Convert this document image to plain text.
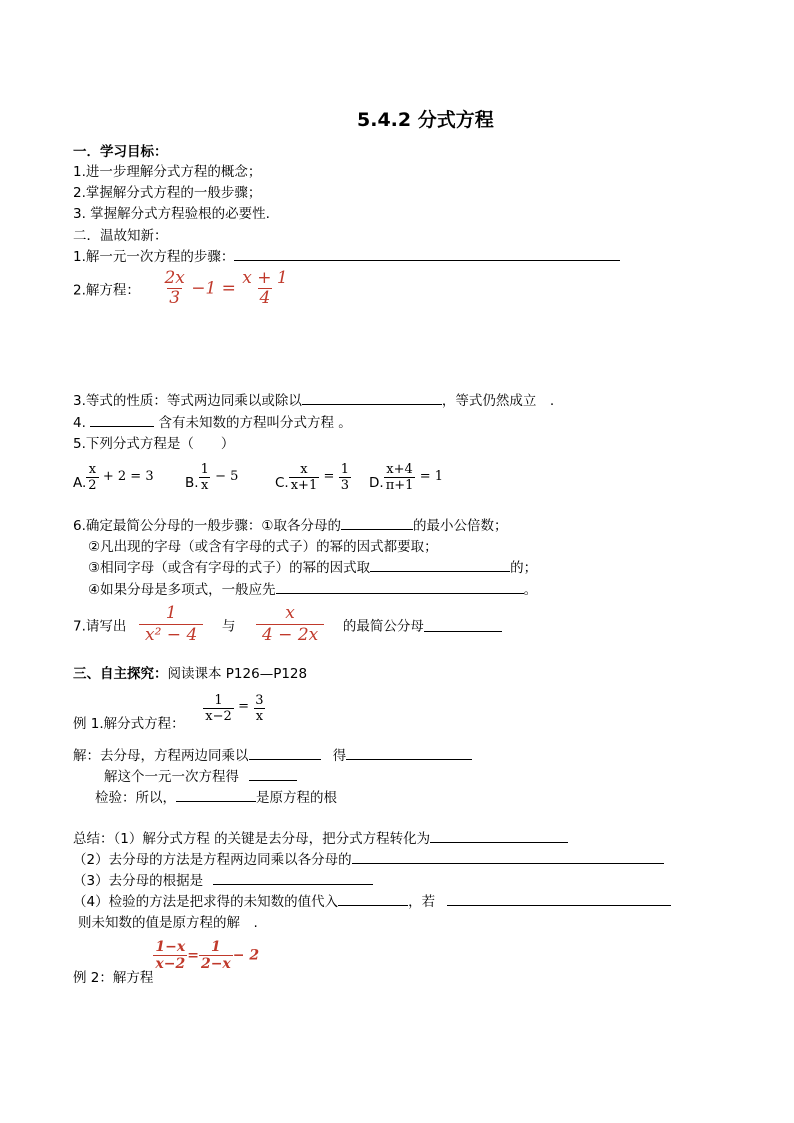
5.4.2 分式方程
一．学习目标：
1.进一步理解分式方程的概念；
2.掌握解分式方程的一般步骤；
3. 掌握解分式方程验根的必要性.
二．温故知新：
1.解一元一次方程的步骤：
2.解方程： $\frac{2x}{3} -1 = \frac{x + 1}{4}$
3.等式的性质：等式两边同乘以或除以	，等式仍然成立　.
4.	含有未知数的方程叫分式方程 。
5.下列分式方程是（　　）
A. $\frac{x}{2} + 2 = 3$ B. $\frac{1}{x} - 5$	C. $\frac{x}{x+1} = \frac{1}{3} D$. $\frac{x+4}{\pi+1} = 1$
6.确定最简公分母的一般步骤：①取各分母的	的最小公倍数；
②凡出现的字母（或含有字母的式子）的幂的因式都要取；
③相同字母（或含有字母的式子）的幂的因式取	的；
④如果分母是多项式，一般应先	。
7.请写出 $\frac{1}{\text{x² − 4}}$ 与 $\frac{x}{4 - 2x}$ 的最简公分母
三、自主探究：阅读课本 P126—P128
例 1.解分式方程：
$\frac{1}{x-2} = \frac{3}{x}$
解：去分母，方程两边同乘以	得
解这个一元一次方程得
检验：所以，	是原方程的根
总结：（1）解分式方程 的关键是去分母，把分式方程转化为
（2）去分母的方法是方程两边同乘以各分母的
（3）去分母的根据是
（4）检验的方法是把求得的未知数的值代入	，若
则未知数的值是原方程的解　.
例 2：解方程
$\frac{1-x}{x-2} = \frac{1}{2-x} - 2$
